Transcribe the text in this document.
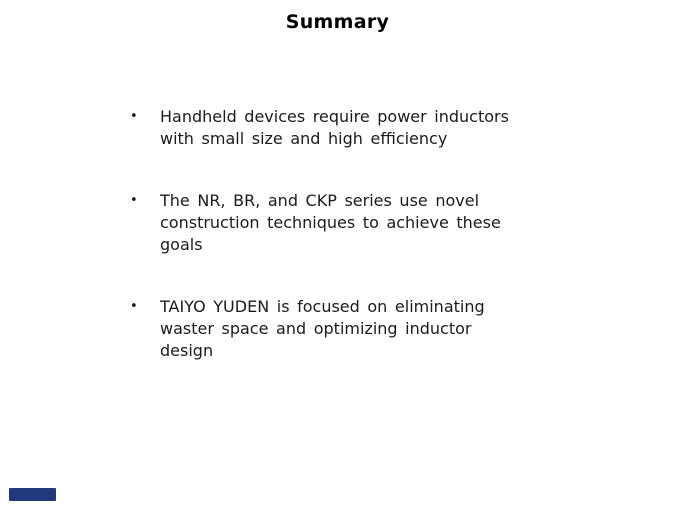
Summary
•	Handheld devices require power inductors
with small size and high efficiency
•	The NR, BR, and CKP series use novel
construction techniques to achieve these
goals
•	TAIYO YUDEN is focused on eliminating
waster space and optimizing inductor
design
